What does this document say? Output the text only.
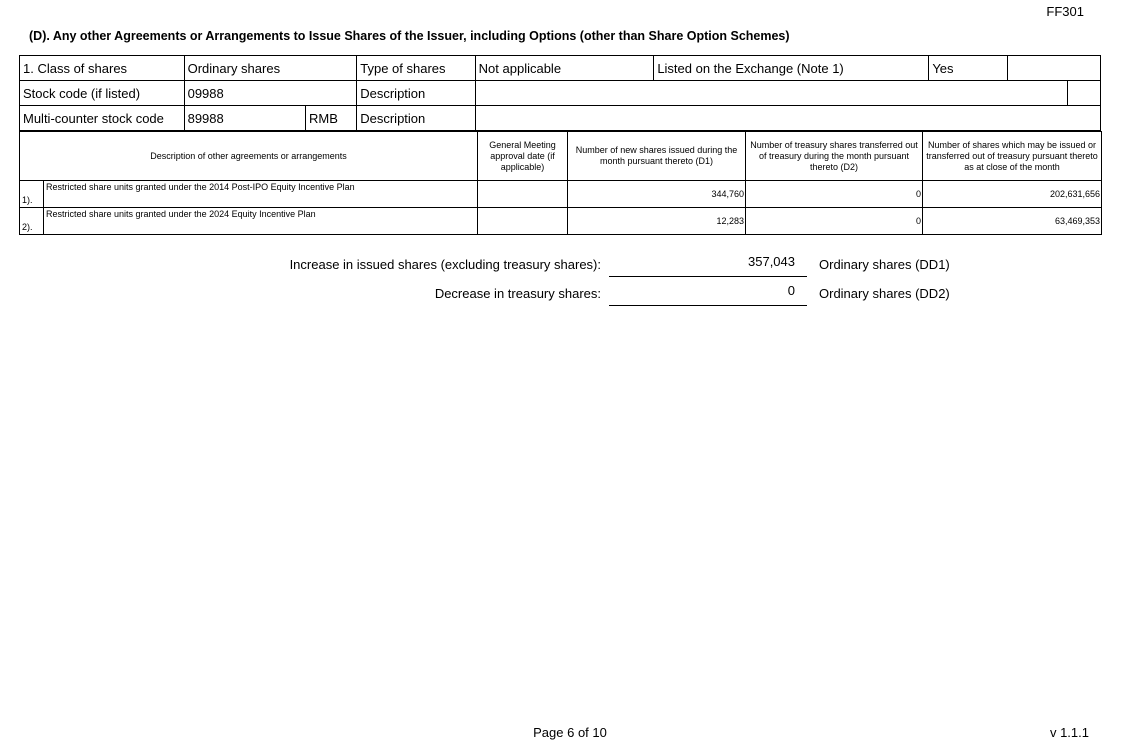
FF301
(D). Any other Agreements or Arrangements to Issue Shares of the Issuer, including Options (other than Share Option Schemes)
1. Class of shares	Ordinary shares		Type of shares	Not applicable	Listed on the Exchange (Note 1)	Yes		
Stock code (if listed)	09988		Description					
Multi-counter stock code	89988	RMB	Description					
Description of other agreements or arrangements		General Meeting approval date (if applicable)	Number of new shares issued during the month pursuant thereto (D1)	Number of treasury shares transferred out of treasury during the month pursuant thereto (D2)	Number of shares which may be issued or transferred out of treasury pursuant thereto as at close of the month
1).	Restricted share units granted under the 2014 Post-IPO Equity Incentive Plan		344,760	0	202,631,656
2).	Restricted share units granted under the 2024 Equity Incentive Plan		12,283	0	63,469,353
Increase in issued shares (excluding treasury shares):	357,043	Ordinary shares (DD1)
Decrease in treasury shares:	0	Ordinary shares (DD2)
Page 6 of 10	v 1.1.1
